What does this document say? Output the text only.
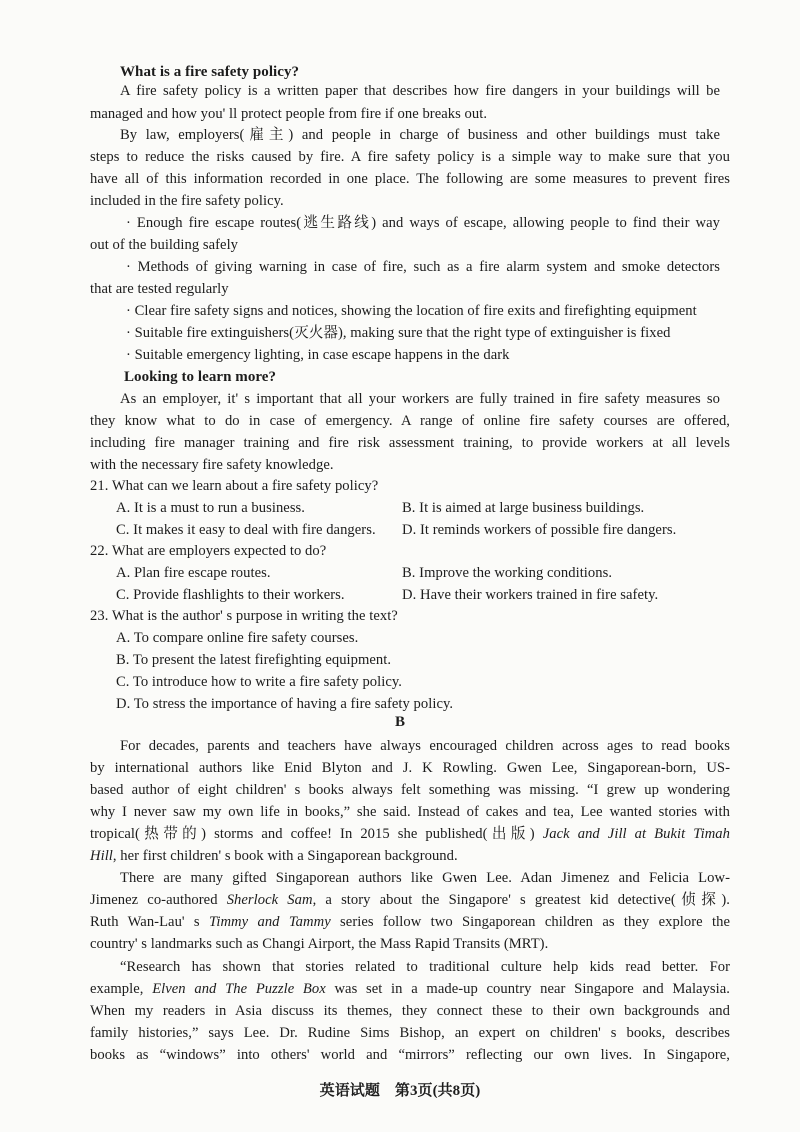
What is a fire safety policy?
A fire safety policy is a written paper that describes how fire dangers in your buildings will be
managed and how you' ll protect people from fire if one breaks out.
By law, employers(雇主) and people in charge of business and other buildings must take
steps to reduce the risks caused by fire. A fire safety policy is a simple way to make sure that you
have all of this information recorded in one place. The following are some measures to prevent fires
included in the fire safety policy.
· Enough fire escape routes(逃生路线) and ways of escape, allowing people to find their way
out of the building safely
· Methods of giving warning in case of fire, such as a fire alarm system and smoke detectors
that are tested regularly
· Clear fire safety signs and notices, showing the location of fire exits and firefighting equipment
· Suitable fire extinguishers(灭火器), making sure that the right type of extinguisher is fixed
· Suitable emergency lighting, in case escape happens in the dark
Looking to learn more?
As an employer, it' s important that all your workers are fully trained in fire safety measures so
they know what to do in case of emergency. A range of online fire safety courses are offered,
including fire manager training and fire risk assessment training, to provide workers at all levels
with the necessary fire safety knowledge.
21. What can we learn about a fire safety policy?
A. It is a must to run a business.	B. It is aimed at large business buildings.
C. It makes it easy to deal with fire dangers. D. It reminds workers of possible fire dangers.
22. What are employers expected to do?
A. Plan fire escape routes.	B. Improve the working conditions.
C. Provide flashlights to their workers.	D. Have their workers trained in fire safety.
23. What is the author' s purpose in writing the text?
A. To compare online fire safety courses.
B. To present the latest firefighting equipment.
C. To introduce how to write a fire safety policy.
D. To stress the importance of having a fire safety policy.
B
For decades, parents and teachers have always encouraged children across ages to read books
by international authors like Enid Blyton and J. K Rowling. Gwen Lee, Singaporean-born, US-
based author of eight children' s books always felt something was missing. “I grew up wondering
why I never saw my own life in books,” she said. Instead of cakes and tea, Lee wanted stories with
tropical(热带的) storms and coffee! In 2015 she published(出版) Jack and Jill at Bukit Timah
Hill, her first children' s book with a Singaporean background.
There are many gifted Singaporean authors like Gwen Lee. Adan Jimenez and Felicia Low-
Jimenez co-authored Sherlock Sam, a story about the Singapore' s greatest kid detective(侦探).
Ruth Wan-Lau' s Timmy and Tammy series follow two Singaporean children as they explore the
country' s landmarks such as Changi Airport, the Mass Rapid Transits (MRT).
“Research has shown that stories related to traditional culture help kids read better. For
example, Elven and The Puzzle Box was set in a made-up country near Singapore and Malaysia.
When my readers in Asia discuss its themes, they connect these to their own backgrounds and
family histories,” says Lee. Dr. Rudine Sims Bishop, an expert on children' s books, describes
books as “windows” into others' world and “mirrors” reflecting our own lives. In Singapore,
英语试题　第3页(共8页)
